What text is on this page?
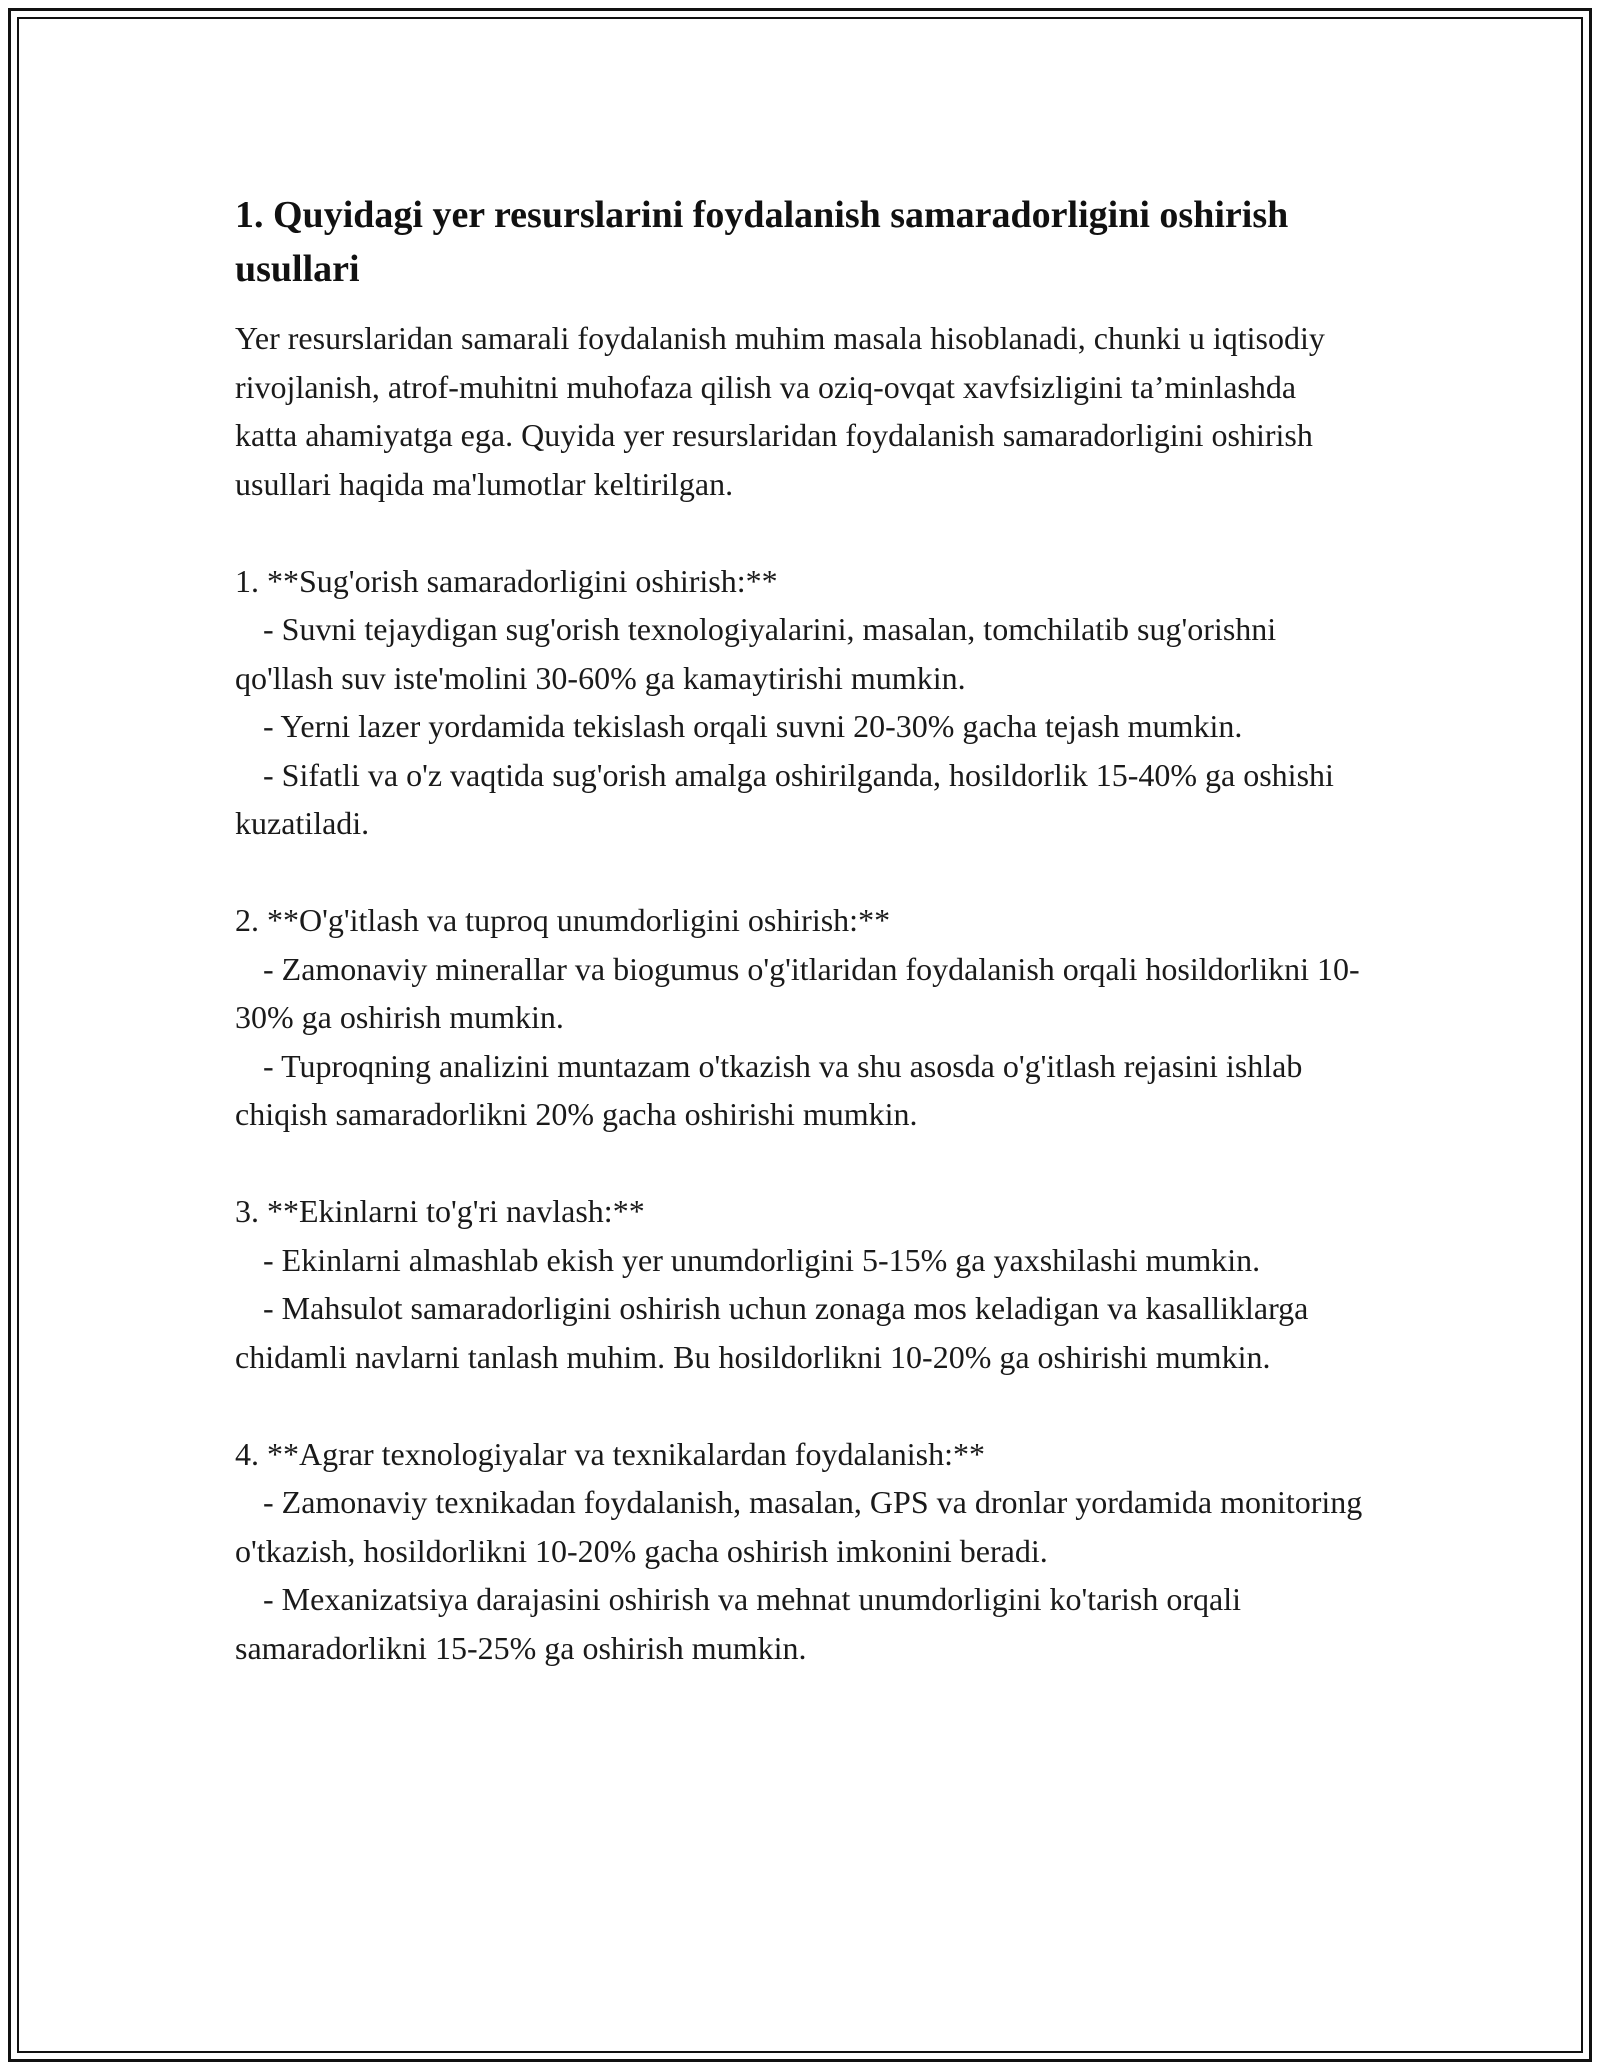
1. Quyidagi yer resurslarini foydalanish samaradorligini oshirish usullari

Yer resurslaridan samarali foydalanish muhim masala hisoblanadi, chunki u iqtisodiy rivojlanish, atrof-muhitni muhofaza qilish va oziq-ovqat xavfsizligini ta’minlashda katta ahamiyatga ega. Quyida yer resurslaridan foydalanish samaradorligini oshirish usullari haqida ma'lumotlar keltirilgan.

1. **Sug'orish samaradorligini oshirish:**
- Suvni tejaydigan sug'orish texnologiyalarini, masalan, tomchilatib sug'orishni qo'llash suv iste'molini 30-60% ga kamaytirishi mumkin.
- Yerni lazer yordamida tekislash orqali suvni 20-30% gacha tejash mumkin.
- Sifatli va o'z vaqtida sug'orish amalga oshirilganda, hosildorlik 15-40% ga oshishi kuzatiladi.
2. **O'g'itlash va tuproq unumdorligini oshirish:**
- Zamonaviy minerallar va biogumus o'g'itlaridan foydalanish orqali hosildorlikni 10-30% ga oshirish mumkin.
- Tuproqning analizini muntazam o'tkazish va shu asosda o'g'itlash rejasini ishlab chiqish samaradorlikni 20% gacha oshirishi mumkin.
3. **Ekinlarni to'g'ri navlash:**
- Ekinlarni almashlab ekish yer unumdorligini 5-15% ga yaxshilashi mumkin.
- Mahsulot samaradorligini oshirish uchun zonaga mos keladigan va kasalliklarga chidamli navlarni tanlash muhim. Bu hosildorlikni 10-20% ga oshirishi mumkin.
4. **Agrar texnologiyalar va texnikalardan foydalanish:**
- Zamonaviy texnikadan foydalanish, masalan, GPS va dronlar yordamida monitoring o'tkazish, hosildorlikni 10-20% gacha oshirish imkonini beradi.
- Mexanizatsiya darajasini oshirish va mehnat unumdorligini ko'tarish orqali samaradorlikni 15-25% ga oshirish mumkin.
